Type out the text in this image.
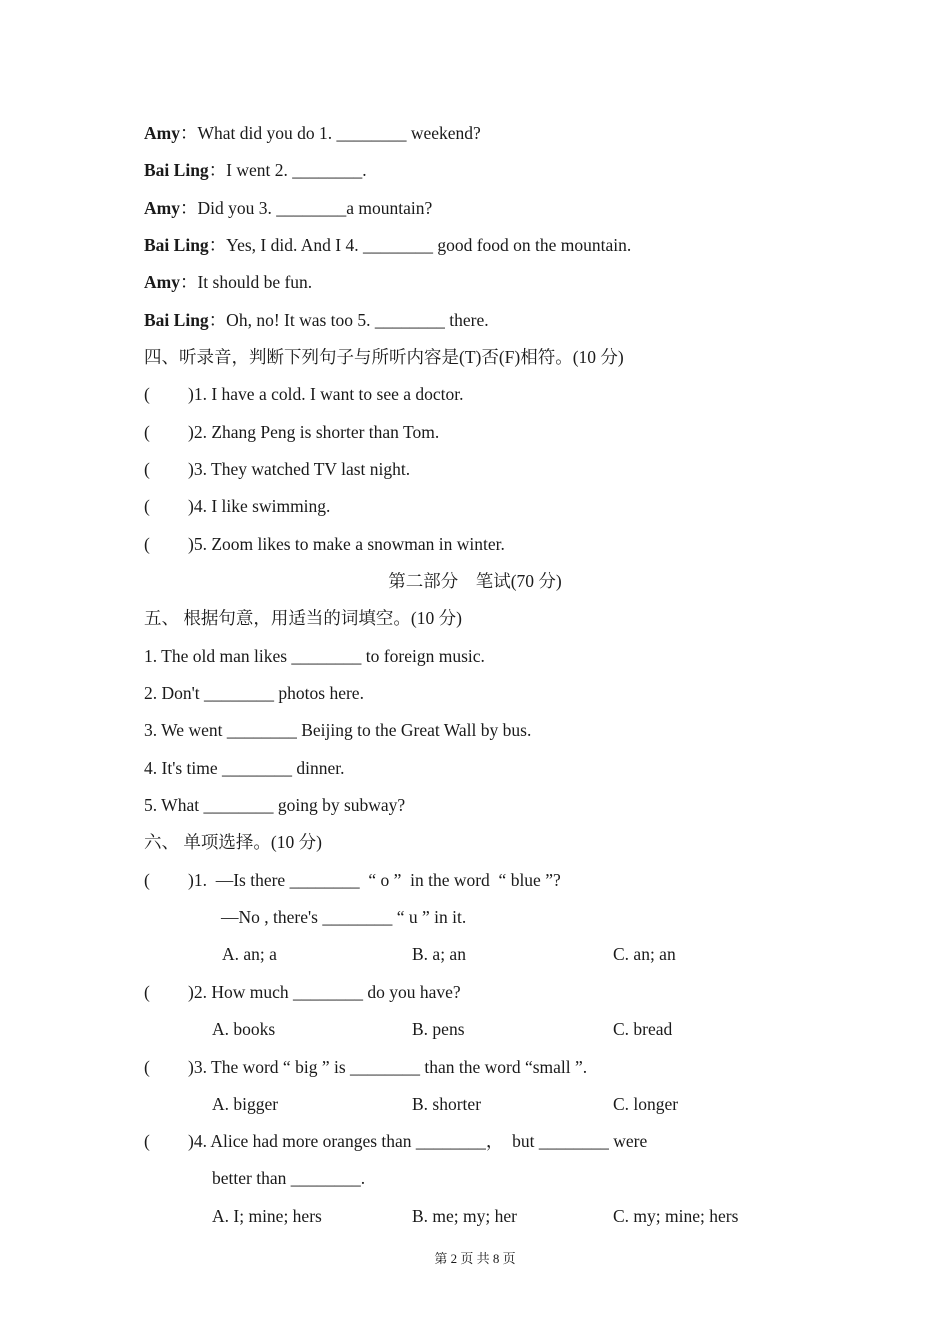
Amy：What did you do 1. ________ weekend?
Bai Ling：I went 2. ________.
Amy：Did you 3. ________a mountain?
Bai Ling：Yes, I did. And I 4. ________ good food on the mountain.
Amy：It should be fun.
Bai Ling：Oh, no! It was too 5. ________ there.
四、听录音，判断下列句子与所听内容是(T)否(F)相符。(10 分)
( )1. I have a cold. I want to see a doctor.
( )2. Zhang Peng is shorter than Tom.
( )3. They watched TV last night.
( )4. I like swimming.
( )5. Zoom likes to make a snowman in winter.
第二部分　笔试(70 分)
五、 根据句意，用适当的词填空。(10 分)
1. The old man likes ________ to foreign music.
2. Don't ________ photos here.
3. We went ________ Beijing to the Great Wall by bus.
4. It's time ________ dinner.
5. What ________ going by subway?
六、 单项选择。(10 分)
( )1.  —Is there ________  “ o ”  in the word  “ blue ”?
—No , there's ________ “ u ” in it.
A. an; a	B. a; an	C. an; an
( )2. How much ________ do you have?
A. books	B. pens	C. bread
( )3. The word “ big ” is ________ than the word “small ”.
A. bigger	B. shorter	C. longer
( )4. Alice had more oranges than ________，  but ________ were
better than ________.
A. I; mine; hers	B. me; my; her	C. my; mine; hers
第 2 页 共 8 页
